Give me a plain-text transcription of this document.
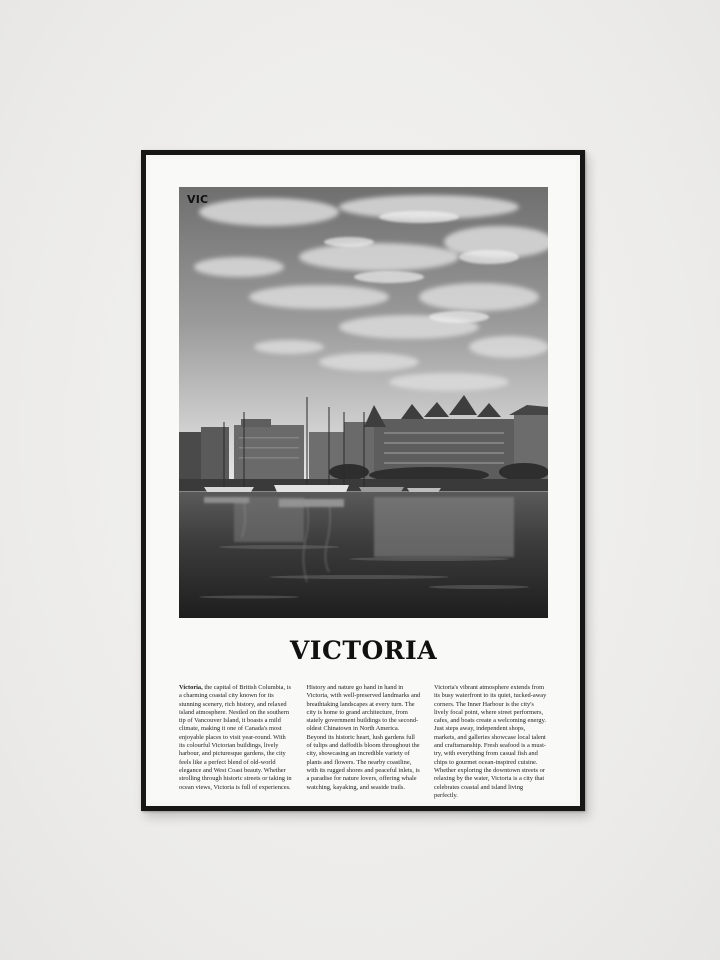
VIC
VICTORIA
Victoria, the capital of British Columbia, is a charming coastal city known for its stunning scenery, rich history, and relaxed island atmosphere. Nestled on the southern tip of Vancouver Island, it boasts a mild climate, making it one of Canada's most enjoyable places to visit year-round. With its colourful Victorian buildings, lively harbour, and picturesque gardens, the city feels like a perfect blend of old-world elegance and West Coast beauty. Whether strolling through historic streets or taking in ocean views, Victoria is full of experiences.
History and nature go hand in hand in Victoria, with well-preserved landmarks and breathtaking landscapes at every turn. The city is home to grand architecture, from stately government buildings to the second-oldest Chinatown in North America. Beyond its historic heart, lush gardens full of tulips and daffodils bloom throughout the city, showcasing an incredible variety of plants and flowers. The nearby coastline, with its rugged shores and peaceful inlets, is a paradise for nature lovers, offering whale watching, kayaking, and seaside trails.
Victoria's vibrant atmosphere extends from its busy waterfront to its quiet, tucked-away corners. The Inner Harbour is the city's lively focal point, where street performers, cafes, and boats create a welcoming energy. Just steps away, independent shops, markets, and galleries showcase local talent and craftsmanship. Fresh seafood is a must-try, with everything from casual fish and chips to gourmet ocean-inspired cuisine. Whether exploring the downtown streets or relaxing by the water, Victoria is a city that celebrates coastal and island living perfectly.
